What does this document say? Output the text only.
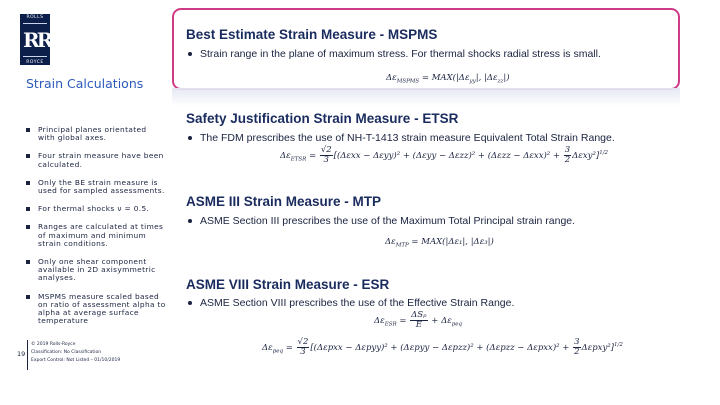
ROLLS
RR
ROYCE
Strain Calculations
Principal planes orientated with global axes.
Four strain measure have been calculated.
Only the BE strain measure is used for sampled assessments.
For thermal shocks ν = 0.5.
Ranges are calculated at times of maximum and minimum strain conditions.
Only one shear component available in 2D axisymmetric analyses.
MSPMS measure scaled based on ratio of assessment alpha to alpha at average surface temperature
19
© 2019 Rolls-Royce
Classification: No Classification
Export Control: Not Listed – 01/10/2019
Best Estimate Strain Measure - MSPMS
Strain range in the plane of maximum stress. For thermal shocks radial stress is small.
$\Delta\varepsilon_{MSPMS} = MAX(|\Delta\varepsilon_{yy}|$, $|\Delta\varepsilon_{zz}|$)
Safety Justification Strain Measure - ETSR
The FDM prescribes the use of NH-T-1413 strain measure Equivalent Total Strain Range.
$\Delta\varepsilon_{ETSR} = \frac{√2}{3} [(\Delta\varepsilon xx - \Delta\varepsilon yy)^2 + (\Delta\varepsilon yy - \Delta\varepsilon zz)^2 + (\Delta\varepsilon zz - \Delta\varepsilon xx)^2 + \frac{3}{2} \Delta\varepsilon xy^2]^{1/2}$
ASME III Strain Measure - MTP
ASME Section III prescribes the use of the Maximum Total Principal strain range.
$\Delta\varepsilon_{MTP} = MAX(|\Delta\varepsilon_1|$, |Δε₃|)
ASME VIII Strain Measure - ESR
ASME Section VIII prescribes the use of the Effective Strain Range.
$\Delta\varepsilon_{ESR} = \frac{\text{ΔSₚ}}{E} + \Delta\varepsilon_{peq}$
$\Delta\varepsilon_{peq} = \frac{√2}{3} [(\Delta\varepsilon pxx - \Delta\varepsilon pyy)^2 + (\Delta\varepsilon pyy - \Delta\varepsilon pzz)^2 + (\Delta\varepsilon pzz - \Delta\varepsilon pxx)^2 + \frac{3}{2} \Delta\varepsilon pxy^2]^{1/2}$
